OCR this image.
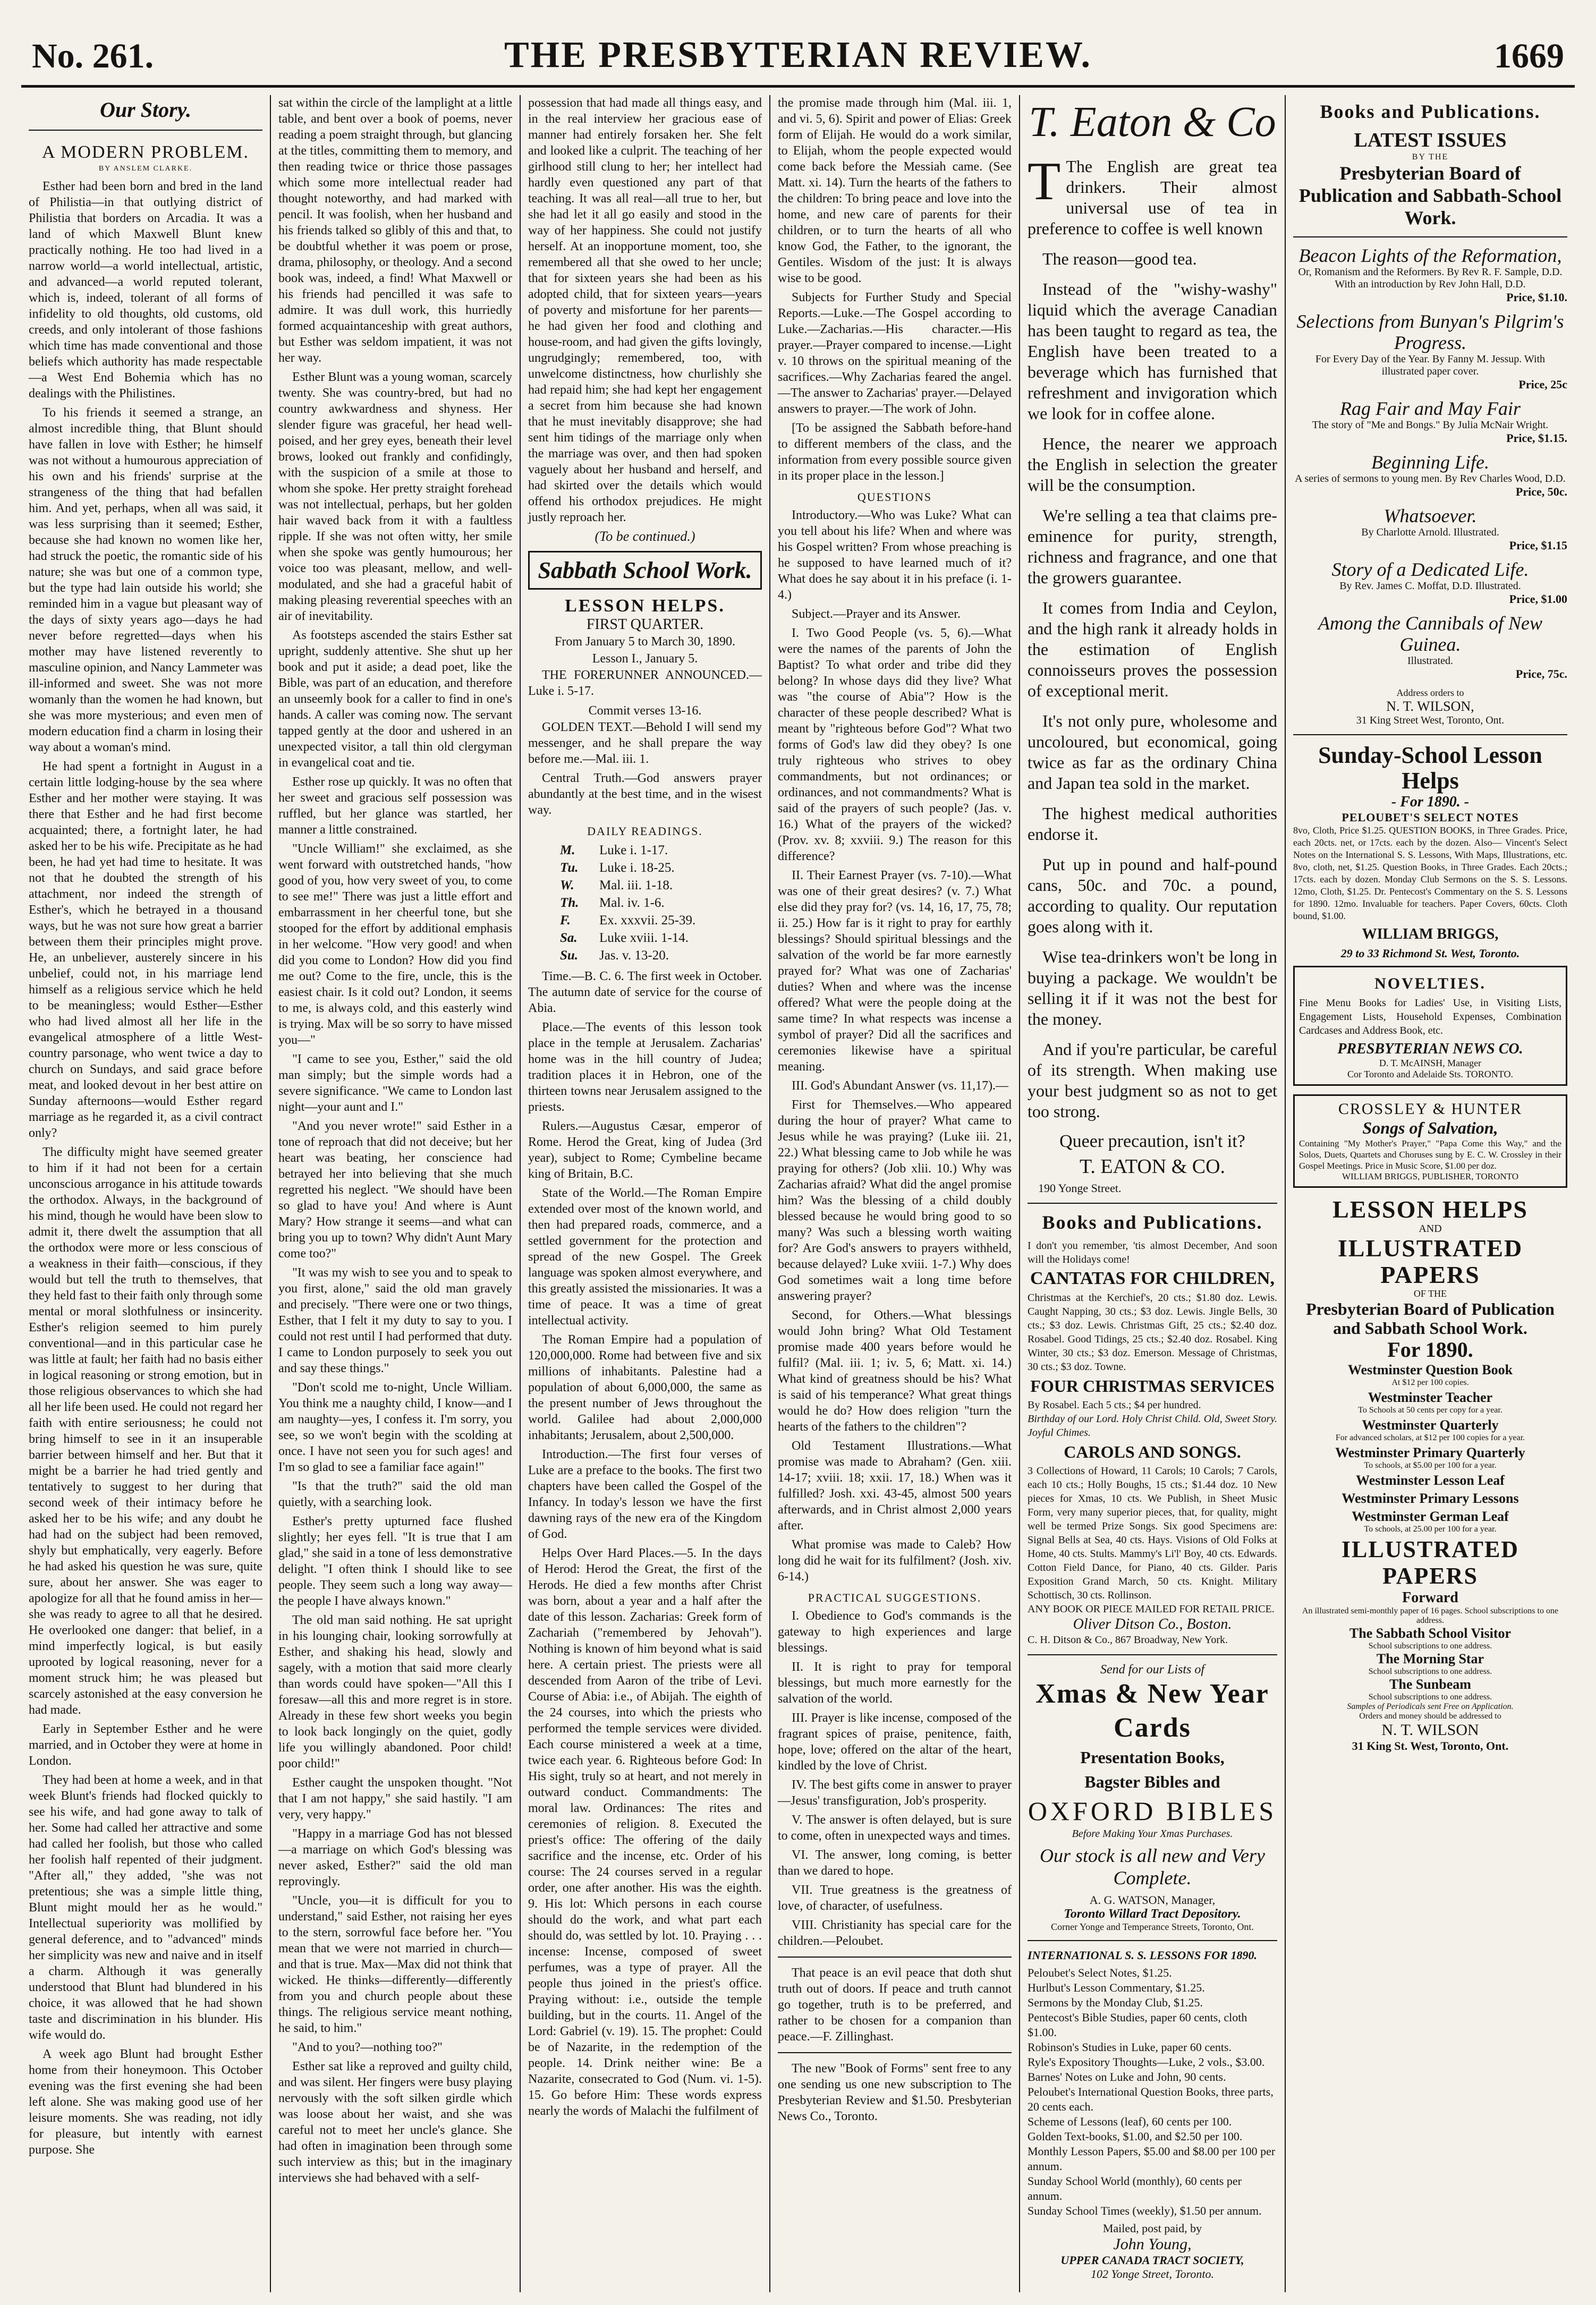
No. 261.	THE PRESBYTERIAN REVIEW.	1669
Our Story.
A MODERN PROBLEM.
BY ANSLEM CLARKE.

Esther had been born and bred in the land of Philistia—in that outlying district of Philistia that borders on Arcadia. It was a land of which Maxwell Blunt knew practically nothing. He too had lived in a narrow world—a world intellectual, artistic, and advanced—a world reputed tolerant, which is, indeed, tolerant of all forms of infidelity to old thoughts, old customs, old creeds, and only intolerant of those fashions which time has made conventional and those beliefs which authority has made respectable—a West End Bohemia which has no dealings with the Philistines.

To his friends it seemed a strange, an almost incredible thing, that Blunt should have fallen in love with Esther; he himself was not without a humourous appreciation of his own and his friends' surprise at the strangeness of the thing that had befallen him. And yet, perhaps, when all was said, it was less surprising than it seemed; Esther, because she had known no women like her, had struck the poetic, the romantic side of his nature; she was but one of a common type, but the type had lain outside his world; she reminded him in a vague but pleasant way of the days of sixty years ago—days he had never before regretted—days when his mother may have listened reverently to masculine opinion, and Nancy Lammeter was ill-informed and sweet. She was not more womanly than the women he had known, but she was more mysterious; and even men of modern education find a charm in losing their way about a woman's mind.

He had spent a fortnight in August in a certain little lodging-house by the sea where Esther and her mother were staying. It was there that Esther and he had first become acquainted; there, a fortnight later, he had asked her to be his wife. Precipitate as he had been, he had yet had time to hesitate. It was not that he doubted the strength of his attachment, nor indeed the strength of Esther's, which he betrayed in a thousand ways, but he was not sure how great a barrier between them their principles might prove. He, an unbeliever, austerely sincere in his unbelief, could not, in his marriage lend himself as a religious service which he held to be meaningless; would Esther—Esther who had lived almost all her life in the evangelical atmosphere of a little West-country parsonage, who went twice a day to church on Sundays, and said grace before meat, and looked devout in her best attire on Sunday afternoons—would Esther regard marriage as he regarded it, as a civil contract only?

The difficulty might have seemed greater to him if it had not been for a certain unconscious arrogance in his attitude towards the orthodox. Always, in the background of his mind, though he would have been slow to admit it, there dwelt the assumption that all the orthodox were more or less conscious of a weakness in their faith—conscious, if they would but tell the truth to themselves, that they held fast to their faith only through some mental or moral slothfulness or insincerity. Esther's religion seemed to him purely conventional—and in this particular case he was little at fault; her faith had no basis either in logical reasoning or strong emotion, but in those religious observances to which she had all her life been used. He could not regard her faith with entire seriousness; he could not bring himself to see in it an insuperable barrier between himself and her. But that it might be a barrier he had tried gently and tentatively to suggest to her during that second week of their intimacy before he asked her to be his wife; and any doubt he had had on the subject had been removed, shyly but emphatically, very eagerly. Before he had asked his question he was sure, quite sure, about her answer. She was eager to apologize for all that he found amiss in her—she was ready to agree to all that he desired. He overlooked one danger: that belief, in a mind imperfectly logical, is but easily uprooted by logical reasoning, never for a moment struck him; he was pleased but scarcely astonished at the easy conversion he had made.

Early in September Esther and he were married, and in October they were at home in London.

They had been at home a week, and in that week Blunt's friends had flocked quickly to see his wife, and had gone away to talk of her. Some had called her attractive and some had called her foolish, but those who called her foolish half repented of their judgment. "After all," they added, "she was not pretentious; she was a simple little thing, Blunt might mould her as he would." Intellectual superiority was mollified by general deference, and to "advanced" minds her simplicity was new and naive and in itself a charm. Although it was generally understood that Blunt had blundered in his choice, it was allowed that he had shown taste and discrimination in his blunder. His wife would do.

A week ago Blunt had brought Esther home from their honeymoon. This October evening was the first evening she had been left alone. She was making good use of her leisure moments. She was reading, not idly for pleasure, but intently with earnest purpose. She

sat within the circle of the lamplight at a little table, and bent over a book of poems, never reading a poem straight through, but glancing at the titles, committing them to memory, and then reading twice or thrice those passages which some more intellectual reader had thought noteworthy, and had marked with pencil. It was foolish, when her husband and his friends talked so glibly of this and that, to be doubtful whether it was poem or prose, drama, philosophy, or theology. And a second book was, indeed, a find! What Maxwell or his friends had pencilled it was safe to admire. It was dull work, this hurriedly formed acquaintanceship with great authors, but Esther was seldom impatient, it was not her way.

Esther Blunt was a young woman, scarcely twenty. She was country-bred, but had no country awkwardness and shyness. Her slender figure was graceful, her head well-poised, and her grey eyes, beneath their level brows, looked out frankly and confidingly, with the suspicion of a smile at those to whom she spoke. Her pretty straight forehead was not intellectual, perhaps, but her golden hair waved back from it with a faultless ripple. If she was not often witty, her smile when she spoke was gently humourous; her voice too was pleasant, mellow, and well-modulated, and she had a graceful habit of making pleasing reverential speeches with an air of inevitability.

As footsteps ascended the stairs Esther sat upright, suddenly attentive. She shut up her book and put it aside; a dead poet, like the Bible, was part of an education, and therefore an unseemly book for a caller to find in one's hands. A caller was coming now. The servant tapped gently at the door and ushered in an unexpected visitor, a tall thin old clergyman in evangelical coat and tie.

Esther rose up quickly. It was no often that her sweet and gracious self possession was ruffled, but her glance was startled, her manner a little constrained.

"Uncle William!" she exclaimed, as she went forward with outstretched hands, "how good of you, how very sweet of you, to come to see me!" There was just a little effort and embarrassment in her cheerful tone, but she stooped for the effort by additional emphasis in her welcome. "How very good! and when did you come to London? How did you find me out? Come to the fire, uncle, this is the easiest chair. Is it cold out? London, it seems to me, is always cold, and this easterly wind is trying. Max will be so sorry to have missed you—"

"I came to see you, Esther," said the old man simply; but the simple words had a severe significance. "We came to London last night—your aunt and I."

"And you never wrote!" said Esther in a tone of reproach that did not deceive; but her heart was beating, her conscience had betrayed her into believing that she much regretted his neglect. "We should have been so glad to have you! And where is Aunt Mary? How strange it seems—and what can bring you up to town? Why didn't Aunt Mary come too?"

"It was my wish to see you and to speak to you first, alone," said the old man gravely and precisely. "There were one or two things, Esther, that I felt it my duty to say to you. I could not rest until I had performed that duty. I came to London purposely to seek you out and say these things."

"Don't scold me to-night, Uncle William. You think me a naughty child, I know—and I am naughty—yes, I confess it. I'm sorry, you see, so we won't begin with the scolding at once. I have not seen you for such ages! and I'm so glad to see a familiar face again!"

"Is that the truth?" said the old man quietly, with a searching look.

Esther's pretty upturned face flushed slightly; her eyes fell. "It is true that I am glad," she said in a tone of less demonstrative delight. "I often think I should like to see people. They seem such a long way away—the people I have always known."

The old man said nothing. He sat upright in his lounging chair, looking sorrowfully at Esther, and shaking his head, slowly and sagely, with a motion that said more clearly than words could have spoken—"All this I foresaw—all this and more regret is in store. Already in these few short weeks you begin to look back longingly on the quiet, godly life you willingly abandoned. Poor child! poor child!"

Esther caught the unspoken thought. "Not that I am not happy," she said hastily. "I am very, very happy."

"Happy in a marriage God has not blessed—a marriage on which God's blessing was never asked, Esther?" said the old man reprovingly.

"Uncle, you—it is difficult for you to understand," said Esther, not raising her eyes to the stern, sorrowful face before her. "You mean that we were not married in church—and that is true. Max—Max did not think that wicked. He thinks—differently—differently from you and church people about these things. The religious service meant nothing, he said, to him."

"And to you?—nothing too?"

Esther sat like a reproved and guilty child, and was silent. Her fingers were busy playing nervously with the soft silken girdle which was loose about her waist, and she was careful not to meet her uncle's glance. She had often in imagination been through some such interview as this; but in the imaginary interviews she had behaved with a self-

possession that had made all things easy, and in the real interview her gracious ease of manner had entirely forsaken her. She felt and looked like a culprit. The teaching of her girlhood still clung to her; her intellect had hardly even questioned any part of that teaching. It was all real—all true to her, but she had let it all go easily and stood in the way of her happiness. She could not justify herself. At an inopportune moment, too, she remembered all that she owed to her uncle; that for sixteen years she had been as his adopted child, that for sixteen years—years of poverty and misfortune for her parents—he had given her food and clothing and house-room, and had given the gifts lovingly, ungrudgingly; remembered, too, with unwelcome distinctness, how churlishly she had repaid him; she had kept her engagement a secret from him because she had known that he must inevitably disapprove; she had sent him tidings of the marriage only when the marriage was over, and then had spoken vaguely about her husband and herself, and had skirted over the details which would offend his orthodox prejudices. He might justly reproach her.

(To be continued.)
Sabbath School Work.
LESSON HELPS.
FIRST QUARTER.
From January 5 to March 30, 1890.
Lesson I., January 5.

THE FORERUNNER ANNOUNCED.—Luke i. 5-17.

Commit verses 13-16.

GOLDEN TEXT.—Behold I will send my messenger, and he shall prepare the way before me.—Mal. iii. 1.

Central Truth.—God answers prayer abundantly at the best time, and in the wisest way.

DAILY READINGS.
M.	Luke i. 1-17.
Tu.	Luke i. 18-25.
W.	Mal. iii. 1-18.
Th.	Mal. iv. 1-6.
F.	Ex. xxxvii. 25-39.
Sa.	Luke xviii. 1-14.
Su.	Jas. v. 13-20.

Time.—B. C. 6. The first week in October. The autumn date of service for the course of Abia.

Place.—The events of this lesson took place in the temple at Jerusalem. Zacharias' home was in the hill country of Judea; tradition places it in Hebron, one of the thirteen towns near Jerusalem assigned to the priests.

Rulers.—Augustus Cæsar, emperor of Rome. Herod the Great, king of Judea (3rd year), subject to Rome; Cymbeline became king of Britain, B.C.

State of the World.—The Roman Empire extended over most of the known world, and then had prepared roads, commerce, and a settled government for the protection and spread of the new Gospel. The Greek language was spoken almost everywhere, and this greatly assisted the missionaries. It was a time of peace. It was a time of great intellectual activity.

The Roman Empire had a population of 120,000,000. Rome had between five and six millions of inhabitants. Palestine had a population of about 6,000,000, the same as the present number of Jews throughout the world. Galilee had about 2,000,000 inhabitants; Jerusalem, about 2,500,000.

Introduction.—The first four verses of Luke are a preface to the books. The first two chapters have been called the Gospel of the Infancy. In today's lesson we have the first dawning rays of the new era of the Kingdom of God.

Helps Over Hard Places.—5. In the days of Herod: Herod the Great, the first of the Herods. He died a few months after Christ was born, about a year and a half after the date of this lesson. Zacharias: Greek form of Zachariah ("remembered by Jehovah"). Nothing is known of him beyond what is said here. A certain priest. The priests were all descended from Aaron of the tribe of Levi. Course of Abia: i.e., of Abijah. The eighth of the 24 courses, into which the priests who performed the temple services were divided. Each course ministered a week at a time, twice each year. 6. Righteous before God: In His sight, truly so at heart, and not merely in outward conduct. Commandments: The moral law. Ordinances: The rites and ceremonies of religion. 8. Executed the priest's office: The offering of the daily sacrifice and the incense, etc. Order of his course: The 24 courses served in a regular order, one after another. His was the eighth. 9. His lot: Which persons in each course should do the work, and what part each should do, was settled by lot. 10. Praying . . . incense: Incense, composed of sweet perfumes, was a type of prayer. All the people thus joined in the priest's office. Praying without: i.e., outside the temple building, but in the courts. 11. Angel of the Lord: Gabriel (v. 19). 15. The prophet: Could be of Nazarite, in the redemption of the people. 14. Drink neither wine: Be a Nazarite, consecrated to God (Num. vi. 1-5). 15. Go before Him: These words express nearly the words of Malachi the fulfilment of

the promise made through him (Mal. iii. 1, and vi. 5, 6). Spirit and power of Elias: Greek form of Elijah. He would do a work similar, to Elijah, whom the people expected would come back before the Messiah came. (See Matt. xi. 14). Turn the hearts of the fathers to the children: To bring peace and love into the home, and new care of parents for their children, or to turn the hearts of all who know God, the Father, to the ignorant, the Gentiles. Wisdom of the just: It is always wise to be good.

Subjects for Further Study and Special Reports.—Luke.—The Gospel according to Luke.—Zacharias.—His character.—His prayer.—Prayer compared to incense.—Light v. 10 throws on the spiritual meaning of the sacrifices.—Why Zacharias feared the angel.—The answer to Zacharias' prayer.—Delayed answers to prayer.—The work of John.

[To be assigned the Sabbath before-hand to different members of the class, and the information from every possible source given in its proper place in the lesson.]

QUESTIONS

Introductory.—Who was Luke? What can you tell about his life? When and where was his Gospel written? From whose preaching is he supposed to have learned much of it? What does he say about it in his preface (i. 1-4.)

Subject.—Prayer and its Answer.

I. Two Good People (vs. 5, 6).—What were the names of the parents of John the Baptist? To what order and tribe did they belong? In whose days did they live? What was "the course of Abia"? How is the character of these people described? What is meant by "righteous before God"? What two forms of God's law did they obey? Is one truly righteous who strives to obey commandments, but not ordinances; or ordinances, and not commandments? What is said of the prayers of such people? (Jas. v. 16.) What of the prayers of the wicked? (Prov. xv. 8; xxviii. 9.) The reason for this difference?

II. Their Earnest Prayer (vs. 7-10).—What was one of their great desires? (v. 7.) What else did they pray for? (vs. 14, 16, 17, 75, 78; ii. 25.) How far is it right to pray for earthly blessings? Should spiritual blessings and the salvation of the world be far more earnestly prayed for? What was one of Zacharias' duties? When and where was the incense offered? What were the people doing at the same time? In what respects was incense a symbol of prayer? Did all the sacrifices and ceremonies likewise have a spiritual meaning.

III. God's Abundant Answer (vs. 11,17).—

First for Themselves.—Who appeared during the hour of prayer? What came to Jesus while he was praying? (Luke iii. 21, 22.) What blessing came to Job while he was praying for others? (Job xlii. 10.) Why was Zacharias afraid? What did the angel promise him? Was the blessing of a child doubly blessed because he would bring good to so many? Was such a blessing worth waiting for? Are God's answers to prayers withheld, because delayed? Luke xviii. 1-7.) Why does God sometimes wait a long time before answering prayer?

Second, for Others.—What blessings would John bring? What Old Testament promise made 400 years before would he fulfil? (Mal. iii. 1; iv. 5, 6; Matt. xi. 14.) What kind of greatness should be his? What is said of his temperance? What great things would he do? How does religion "turn the hearts of the fathers to the children"?

Old Testament Illustrations.—What promise was made to Abraham? (Gen. xiii. 14-17; xviii. 18; xxii. 17, 18.) When was it fulfilled? Josh. xxi. 43-45, almost 500 years afterwards, and in Christ almost 2,000 years after.

What promise was made to Caleb? How long did he wait for its fulfilment? (Josh. xiv. 6-14.)

PRACTICAL SUGGESTIONS.

I. Obedience to God's commands is the gateway to high experiences and large blessings.

II. It is right to pray for temporal blessings, but much more earnestly for the salvation of the world.

III. Prayer is like incense, composed of the fragrant spices of praise, penitence, faith, hope, love; offered on the altar of the heart, kindled by the love of Christ.

IV. The best gifts come in answer to prayer—Jesus' transfiguration, Job's prosperity.

V. The answer is often delayed, but is sure to come, often in unexpected ways and times.

VI. The answer, long coming, is better than we dared to hope.

VII. True greatness is the greatness of love, of character, of usefulness.

VIII. Christianity has special care for the children.—Peloubet.

That peace is an evil peace that doth shut truth out of doors. If peace and truth cannot go together, truth is to be preferred, and rather to be chosen for a companion than peace.—F. Zillinghast.

The new "Book of Forms" sent free to any one sending us one new subscription to The Presbyterian Review and $1.50. Presbyterian News Co., Toronto.

T. Eaton & Co

T The English are great tea drinkers. Their almost universal use of tea in preference to coffee is well known

The reason—good tea.

Instead of the "wishy-washy" liquid which the average Canadian has been taught to regard as tea, the English have been treated to a beverage which has furnished that refreshment and invigoration which we look for in coffee alone.

Hence, the nearer we approach the English in selection the greater will be the consumption.

We're selling a tea that claims pre-eminence for purity, strength, richness and fragrance, and one that the growers guarantee.

It comes from India and Ceylon, and the high rank it already holds in the estimation of English connoisseurs proves the possession of exceptional merit.

It's not only pure, wholesome and uncoloured, but economical, going twice as far as the ordinary China and Japan tea sold in the market.

The highest medical authorities endorse it.

Put up in pound and half-pound cans, 50c. and 70c. a pound, according to quality. Our reputation goes along with it.

Wise tea-drinkers won't be long in buying a package. We wouldn't be selling it if it was not the best for the money.

And if you're particular, be careful of its strength. When making use your best judgment so as not to get too strong.

Queer precaution, isn't it?
T. EATON & CO.
190 Yonge Street.
Books and Publications.
I don't you remember, 'tis almost December, And soon will the Holidays come!
CANTATAS FOR CHILDREN,
Christmas at the Kerchief's, 20 cts.; $1.80 doz. Lewis. Caught Napping, 30 cts.; $3 doz. Lewis. Jingle Bells, 30 cts.; $3 doz. Lewis. Christmas Gift, 25 cts.; $2.40 doz. Rosabel. Good Tidings, 25 cts.; $2.40 doz. Rosabel. King Winter, 30 cts.; $3 doz. Emerson. Message of Christmas, 30 cts.; $3 doz. Towne.
FOUR CHRISTMAS SERVICES
By Rosabel. Each 5 cts.; $4 per hundred.
Birthday of our Lord. Holy Christ Child. Old, Sweet Story. Joyful Chimes.
CAROLS AND SONGS.
3 Collections of Howard, 11 Carols; 10 Carols; 7 Carols, each 10 cts.; Holly Boughs, 15 cts.; $1.44 doz. 10 New pieces for Xmas, 10 cts. We Publish, in Sheet Music Form, very many superior pieces, that, for quality, might well be termed Prize Songs. Six good Specimens are: Signal Bells at Sea, 40 cts. Hays. Visions of Old Folks at Home, 40 cts. Stults. Mammy's Li'l' Boy, 40 cts. Edwards. Cotton Field Dance, for Piano, 40 cts. Gilder. Paris Exposition Grand March, 50 cts. Knight. Military Schottisch, 30 cts. Rollinson.
ANY BOOK OR PIECE MAILED FOR RETAIL PRICE.
Oliver Ditson Co., Boston.
C. H. Ditson & Co., 867 Broadway, New York.
Send for our Lists of
Xmas & New Year Cards
Presentation Books,
Bagster Bibles and
OXFORD BIBLES
Before Making Your Xmas Purchases.
Our stock is all new and Very Complete.
A. G. WATSON, Manager,
Toronto Willard Tract Depository.
Corner Yonge and Temperance Streets, Toronto, Ont.
INTERNATIONAL S. S. LESSONS FOR 1890.
Peloubet's Select Notes, $1.25.
Hurlbut's Lesson Commentary, $1.25.
Sermons by the Monday Club, $1.25.
Pentecost's Bible Studies, paper 60 cents, cloth $1.00.
Robinson's Studies in Luke, paper 60 cents.
Ryle's Expository Thoughts—Luke, 2 vols., $3.00.
Barnes' Notes on Luke and John, 90 cents.
Peloubet's International Question Books, three parts, 20 cents each.
Scheme of Lessons (leaf), 60 cents per 100.
Golden Text-books, $1.00, and $2.50 per 100.
Monthly Lesson Papers, $5.00 and $8.00 per 100 per annum.
Sunday School World (monthly), 60 cents per annum.
Sunday School Times (weekly), $1.50 per annum.
Mailed, post paid, by
John Young,
UPPER CANADA TRACT SOCIETY,
102 Yonge Street, Toronto.
Books and Publications.
LATEST ISSUES
BY THE
Presbyterian Board of Publication and Sabbath-School Work.
Beacon Lights of the Reformation,
Or, Romanism and the Reformers. By Rev R. F. Sample, D.D. With an introduction by Rev John Hall, D.D.
Price, $1.10.
Selections from Bunyan's Pilgrim's Progress.
For Every Day of the Year. By Fanny M. Jessup. With illustrated paper cover.
Price, 25c
Rag Fair and May Fair
The story of "Me and Bongs." By Julia McNair Wright.
Price, $1.15.
Beginning Life.
A series of sermons to young men. By Rev Charles Wood, D.D.
Price, 50c.
Whatsoever.
By Charlotte Arnold. Illustrated.
Price, $1.15
Story of a Dedicated Life.
By Rev. James C. Moffat, D.D. Illustrated.
Price, $1.00
Among the Cannibals of New Guinea.
Illustrated.
Price, 75c.
Address orders to
N. T. WILSON,
31 King Street West, Toronto, Ont.
Sunday-School Lesson Helps
- For 1890. -
PELOUBET'S SELECT NOTES
8vo, Cloth, Price $1.25. QUESTION BOOKS, in Three Grades. Price, each 20cts. net, or 17cts. each by the dozen. Also— Vincent's Select Notes on the International S. S. Lessons, With Maps, Illustrations, etc. 8vo, cloth, net, $1.25. Question Books, in Three Grades. Each 20cts.; 17cts. each by dozen. Monday Club Sermons on the S. S. Lessons. 12mo, Cloth, $1.25. Dr. Pentecost's Commentary on the S. S. Lessons for 1890. 12mo. Invaluable for teachers. Paper Covers, 60cts. Cloth bound, $1.00.
WILLIAM BRIGGS,
29 to 33 Richmond St. West, Toronto.
NOVELTIES.
Fine Menu Books for Ladies' Use, in Visiting Lists, Engagement Lists, Household Expenses, Combination Cardcases and Address Book, etc.
PRESBYTERIAN NEWS CO.
D. T. McAINSH, Manager
Cor Toronto and Adelaide Sts. TORONTO.
CROSSLEY & HUNTER
Songs of Salvation,
Containing "My Mother's Prayer," "Papa Come this Way," and the Solos, Duets, Quartets and Choruses sung by E. C. W. Crossley in their Gospel Meetings. Price in Music Score, $1.00 per doz.
WILLIAM BRIGGS, PUBLISHER, TORONTO
LESSON HELPS
AND
ILLUSTRATED PAPERS
OF THE
Presbyterian Board of Publication and Sabbath School Work.
For 1890.
Westminster Question Book
At $12 per 100 copies.
Westminster Teacher
To Schools at 50 cents per copy for a year.
Westminster Quarterly
For advanced scholars, at $12 per 100 copies for a year.
Westminster Primary Quarterly
To schools, at $5.00 per 100 for a year.
Westminster Lesson Leaf
Westminster Primary Lessons
Westminster German Leaf
To schools, at 25.00 per 100 for a year.
ILLUSTRATED PAPERS
Forward
An illustrated semi-monthly paper of 16 pages. School subscriptions to one address.
The Sabbath School Visitor
School subscriptions to one address.
The Morning Star
School subscriptions to one address.
The Sunbeam
School subscriptions to one address.
Samples of Periodicals sent Free on Application.
Orders and money should be addressed to
N. T. WILSON
31 King St. West, Toronto, Ont.
